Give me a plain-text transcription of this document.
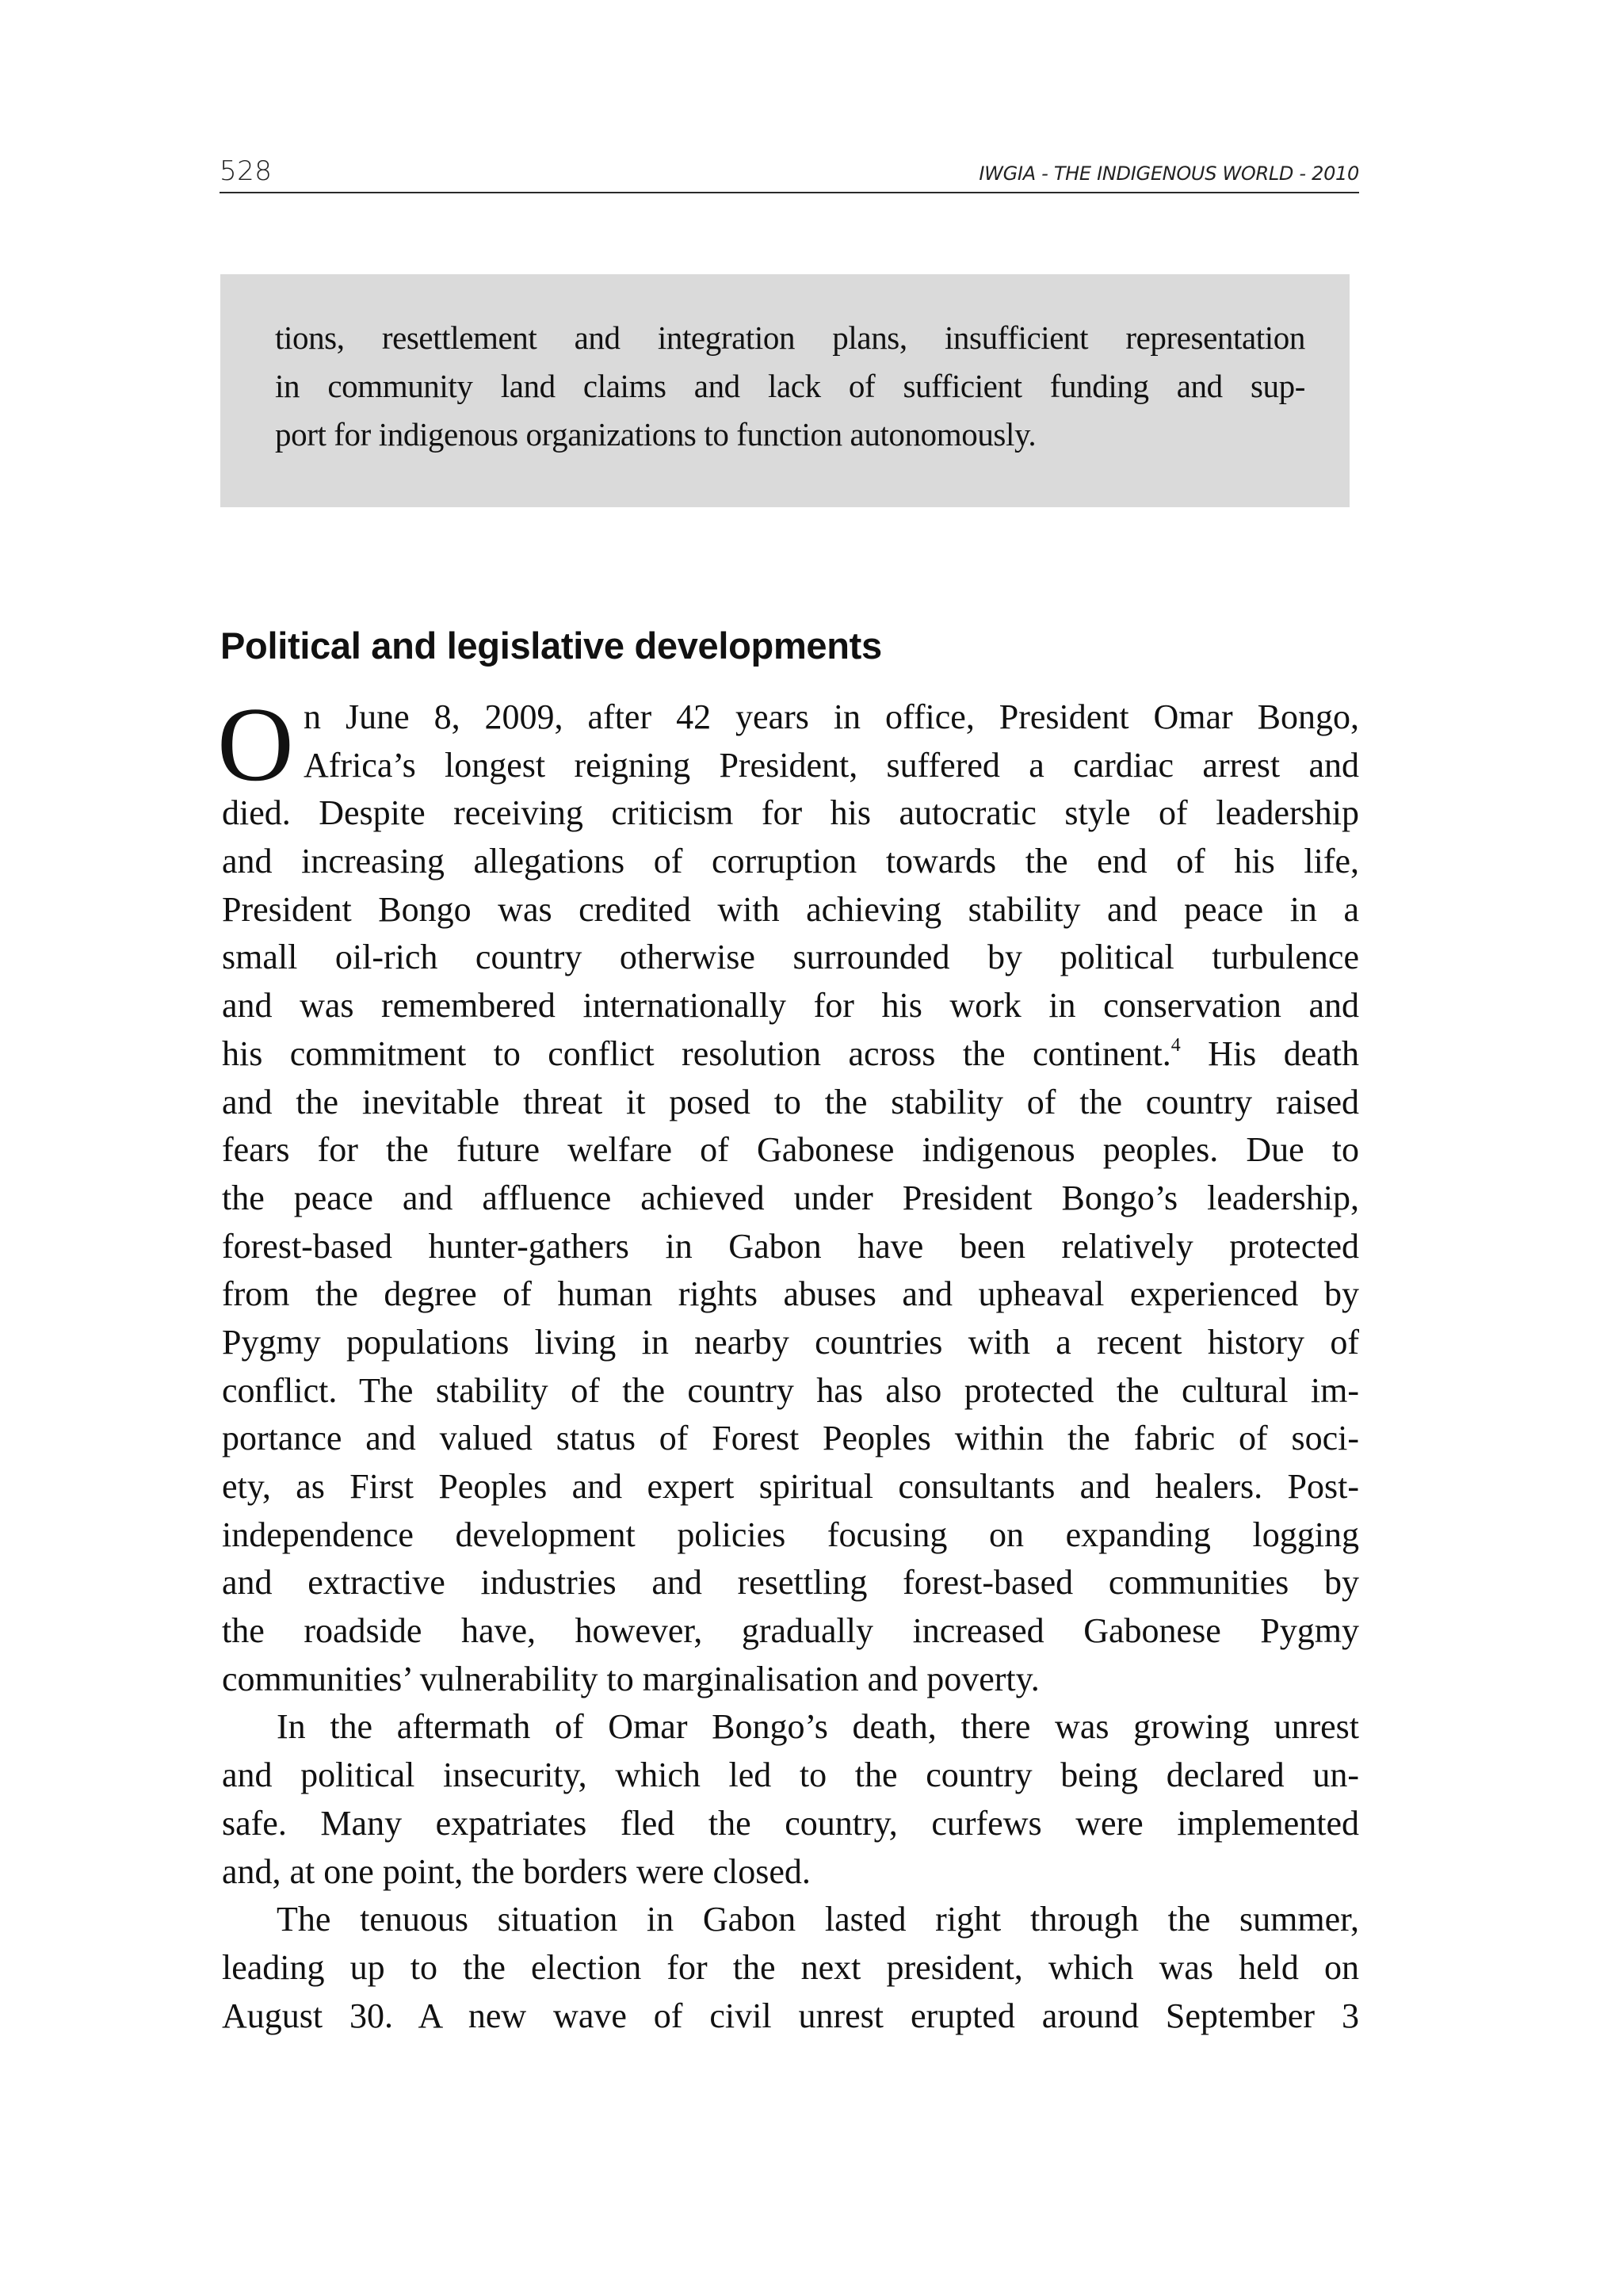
528	IWGIA - THE INDIGENOUS WORLD - 2010
tions, resettlement and integration plans, insufficient representation
in community land claims and lack of sufficient funding and sup-
port for indigenous organizations to function autonomously.
Political and legislative developments
O n June 8, 2009, after 42 years in office, President Omar Bongo,
Africa’s longest reigning President, suffered a cardiac arrest and
died. Despite receiving criticism for his autocratic style of leadership
and increasing allegations of corruption towards the end of his life,
President Bongo was credited with achieving stability and peace in a
small oil-rich country otherwise surrounded by political turbulence
and was remembered internationally for his work in conservation and
his commitment to conflict resolution across the continent.$^4$ His death
and the inevitable threat it posed to the stability of the country raised
fears for the future welfare of Gabonese indigenous peoples. Due to
the peace and affluence achieved under President Bongo’s leadership,
forest-based hunter-gathers in Gabon have been relatively protected
from the degree of human rights abuses and upheaval experienced by
Pygmy populations living in nearby countries with a recent history of
conflict. The stability of the country has also protected the cultural im-
portance and valued status of Forest Peoples within the fabric of soci-
ety, as First Peoples and expert spiritual consultants and healers. Post-
independence development policies focusing on expanding logging
and extractive industries and resettling forest-based communities by
the roadside have, however, gradually increased Gabonese Pygmy
communities’ vulnerability to marginalisation and poverty.
In the aftermath of Omar Bongo’s death, there was growing unrest
and political insecurity, which led to the country being declared un-
safe. Many expatriates fled the country, curfews were implemented
and, at one point, the borders were closed.
The tenuous situation in Gabon lasted right through the summer,
leading up to the election for the next president, which was held on
August 30. A new wave of civil unrest erupted around September 3
